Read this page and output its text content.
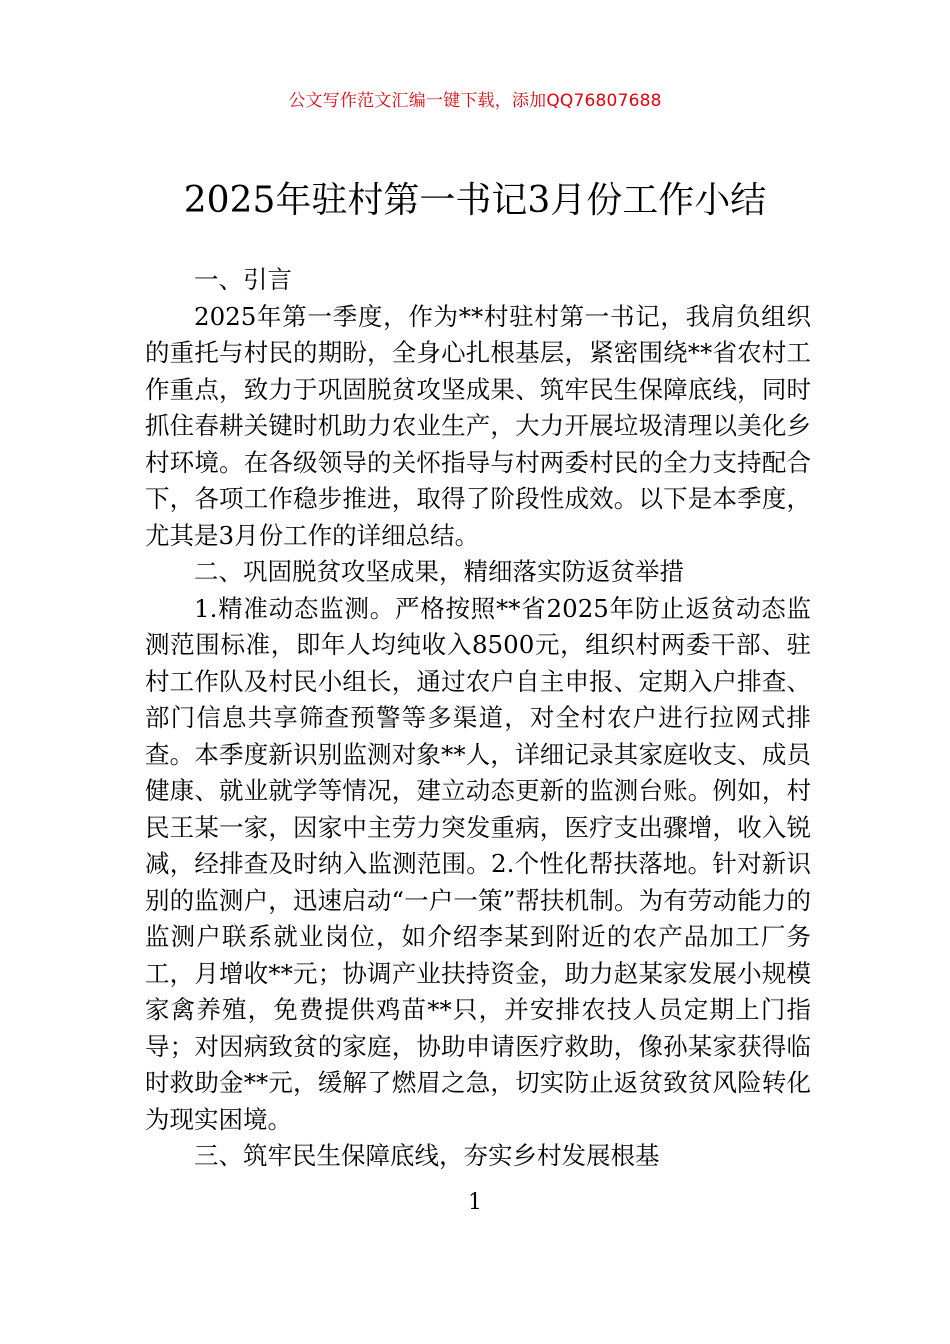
公文写作范文汇编一键下载，添加QQ76807688
2025年驻村第一书记3月份工作小结

一、引言

2025年第一季度，作为**村驻村第一书记，我肩负组织的重托与村民的期盼，全身心扎根基层，紧密围绕**省农村工作重点，致力于巩固脱贫攻坚成果、筑牢民生保障底线，同时抓住春耕关键时机助力农业生产，大力开展垃圾清理以美化乡村环境。在各级领导的关怀指导与村两委村民的全力支持配合下，各项工作稳步推进，取得了阶段性成效。以下是本季度，尤其是3月份工作的详细总结。

二、巩固脱贫攻坚成果，精细落实防返贫举措

1.精准动态监测。严格按照**省2025年防止返贫动态监测范围标准，即年人均纯收入8500元，组织村两委干部、驻村工作队及村民小组长，通过农户自主申报、定期入户排查、部门信息共享筛查预警等多渠道，对全村农户进行拉网式排查。本季度新识别监测对象**人，详细记录其家庭收支、成员健康、就业就学等情况，建立动态更新的监测台账。例如，村民王某一家，因家中主劳力突发重病，医疗支出骤增，收入锐减，经排查及时纳入监测范围。2.个性化帮扶落地。针对新识别的监测户，迅速启动“一户一策”帮扶机制。为有劳动能力的监测户联系就业岗位，如介绍李某到附近的农产品加工厂务工，月增收**元；协调产业扶持资金，助力赵某家发展小规模家禽养殖，免费提供鸡苗**只，并安排农技人员定期上门指导；对因病致贫的家庭，协助申请医疗救助，像孙某家获得临时救助金**元，缓解了燃眉之急，切实防止返贫致贫风险转化为现实困境。

三、筑牢民生保障底线，夯实乡村发展根基

1
